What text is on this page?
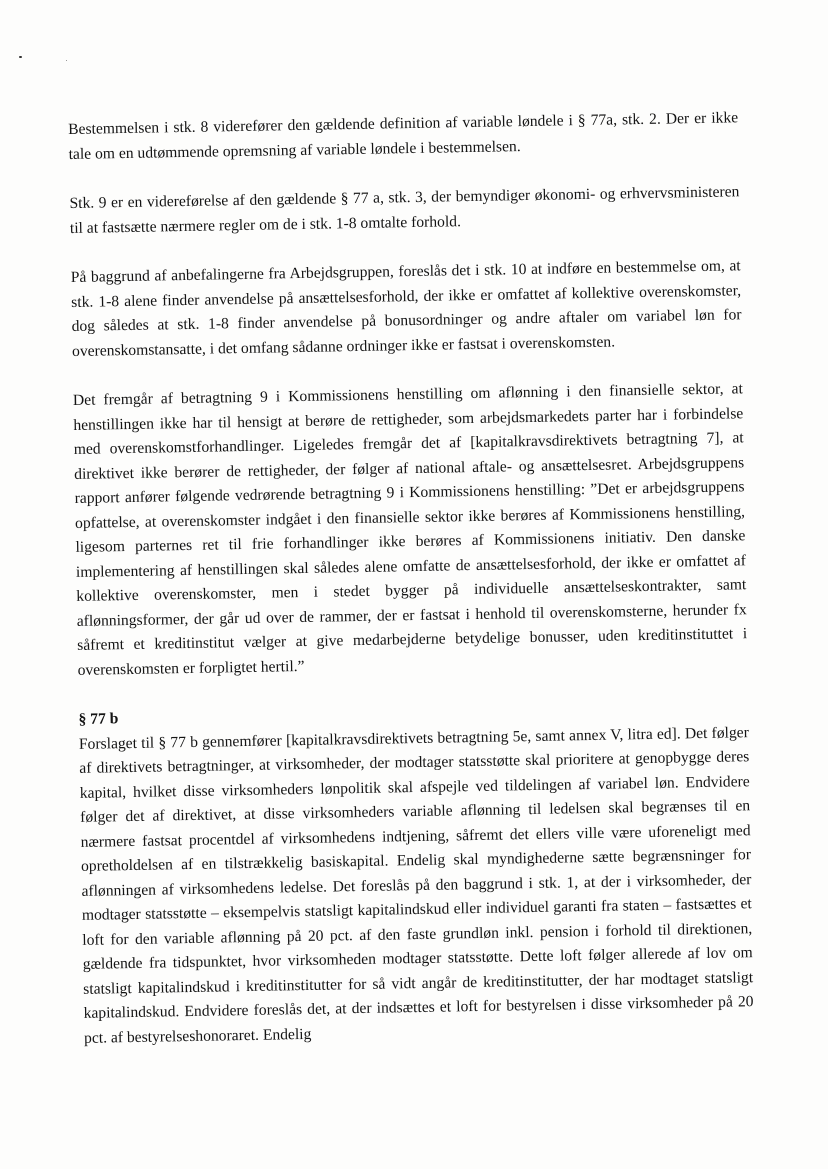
Bestemmelsen i stk. 8 viderefører den gældende definition af variable løndele i § 77a, stk. 2. Der er ikke tale om en udtømmende opremsning af variable løndele i bestemmelsen.

Stk. 9 er en videreførelse af den gældende § 77 a, stk. 3, der bemyndiger økonomi- og erhvervsministeren til at fastsætte nærmere regler om de i stk. 1-8 omtalte forhold.

På baggrund af anbefalingerne fra Arbejdsgruppen, foreslås det i stk. 10 at indføre en bestemmelse om, at stk. 1-8 alene finder anvendelse på ansættelsesforhold, der ikke er omfattet af kollektive overenskomster, dog således at stk. 1-8 finder anvendelse på bonusordninger og andre aftaler om variabel løn for overenskomstansatte, i det omfang sådanne ordninger ikke er fastsat i overenskomsten.

Det fremgår af betragtning 9 i Kommissionens henstilling om aflønning i den finansielle sektor, at henstillingen ikke har til hensigt at berøre de rettigheder, som arbejdsmarkedets parter har i forbindelse med overenskomstforhandlinger. Ligeledes fremgår det af [kapitalkravsdirektivets betragtning 7], at direktivet ikke berører de rettigheder, der følger af national aftale- og ansættelsesret. Arbejdsgruppens rapport anfører følgende vedrørende betragtning 9 i Kommissionens henstilling: ”Det er arbejdsgruppens opfattelse, at overenskomster indgået i den finansielle sektor ikke berøres af Kommissionens henstilling, ligesom parternes ret til frie forhandlinger ikke berøres af Kommissionens initiativ. Den danske implementering af henstillingen skal således alene omfatte de ansættelsesforhold, der ikke er omfattet af kollektive overenskomster, men i stedet bygger på individuelle ansættelseskontrakter, samt aflønningsformer, der går ud over de rammer, der er fastsat i henhold til overenskomsterne, herunder fx såfremt et kreditinstitut vælger at give medarbejderne betydelige bonusser, uden kreditinstituttet i overenskomsten er forpligtet hertil.”

§ 77 b

Forslaget til § 77 b gennemfører [kapitalkravsdirektivets betragtning 5e, samt annex V, litra ed]. Det følger af direktivets betragtninger, at virksomheder, der modtager statsstøtte skal prioritere at genopbygge deres kapital, hvilket disse virksomheders lønpolitik skal afspejle ved tildelingen af variabel løn. Endvidere følger det af direktivet, at disse virksomheders variable aflønning til ledelsen skal begrænses til en nærmere fastsat procentdel af virksomhedens indtjening, såfremt det ellers ville være uforeneligt med opretholdelsen af en tilstrækkelig basiskapital. Endelig skal myndighederne sætte begrænsninger for aflønningen af virksomhedens ledelse. Det foreslås på den baggrund i stk. 1, at der i virksomheder, der modtager statsstøtte – eksempelvis statsligt kapitalindskud eller individuel garanti fra staten – fastsættes et loft for den variable aflønning på 20 pct. af den faste grundløn inkl. pension i forhold til direktionen, gældende fra tidspunktet, hvor virksomheden modtager statsstøtte. Dette loft følger allerede af lov om statsligt kapitalindskud i kreditinstitutter for så vidt angår de kreditinstitutter, der har modtaget statsligt kapitalindskud. Endvidere foreslås det, at der indsættes et loft for bestyrelsen i disse virksomheder på 20 pct. af bestyrelseshonoraret. Endelig
